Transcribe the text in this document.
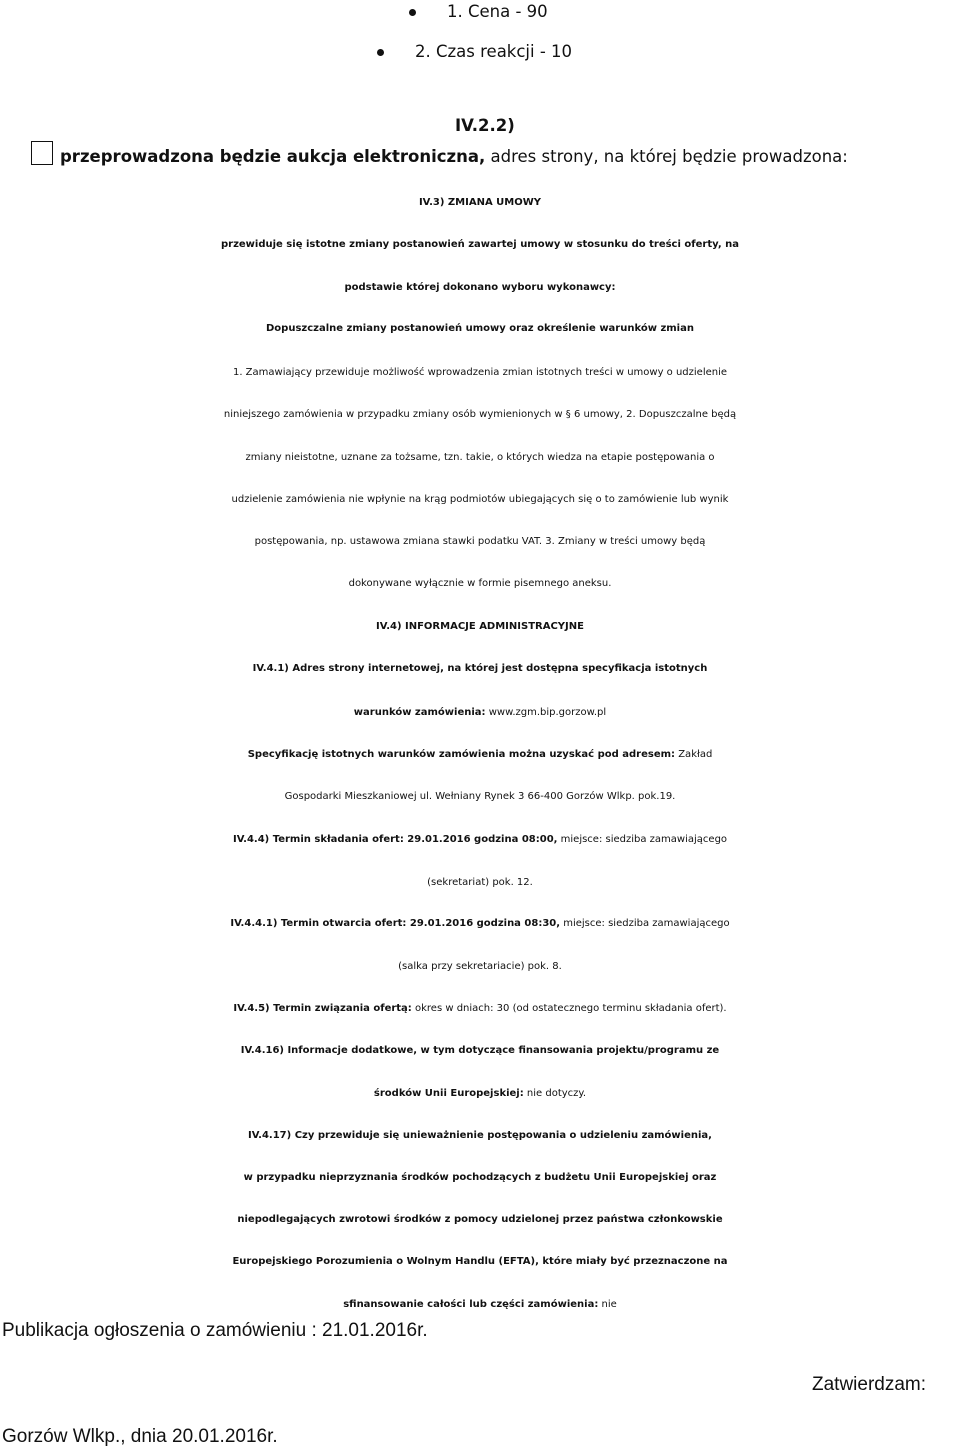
1. Cena - 90
2. Czas reakcji - 10
IV.2.2)
przeprowadzona będzie aukcja elektroniczna, adres strony, na której będzie prowadzona:
IV.3) ZMIANA UMOWY
przewiduje się istotne zmiany postanowień zawartej umowy w stosunku do treści oferty, na
podstawie której dokonano wyboru wykonawcy:
Dopuszczalne zmiany postanowień umowy oraz określenie warunków zmian
1. Zamawiający przewiduje możliwość wprowadzenia zmian istotnych treści w umowy o udzielenie
niniejszego zamówienia w przypadku zmiany osób wymienionych w § 6 umowy, 2. Dopuszczalne będą
zmiany nieistotne, uznane za tożsame, tzn. takie, o których wiedza na etapie postępowania o
udzielenie zamówienia nie wpłynie na krąg podmiotów ubiegających się o to zamówienie lub wynik
postępowania, np. ustawowa zmiana stawki podatku VAT. 3. Zmiany w treści umowy będą
dokonywane wyłącznie w formie pisemnego aneksu.
IV.4) INFORMACJE ADMINISTRACYJNE
IV.4.1) Adres strony internetowej, na której jest dostępna specyfikacja istotnych
warunków zamówienia: www.zgm.bip.gorzow.pl
Specyfikację istotnych warunków zamówienia można uzyskać pod adresem: Zakład
Gospodarki Mieszkaniowej ul. Wełniany Rynek 3 66-400 Gorzów Wlkp. pok.19.
IV.4.4) Termin składania ofert: 29.01.2016 godzina 08:00, miejsce: siedziba zamawiającego
(sekretariat) pok. 12.
IV.4.4.1) Termin otwarcia ofert: 29.01.2016 godzina 08:30, miejsce: siedziba zamawiającego
(salka przy sekretariacie) pok. 8.
IV.4.5) Termin związania ofertą: okres w dniach: 30 (od ostatecznego terminu składania ofert).
IV.4.16) Informacje dodatkowe, w tym dotyczące finansowania projektu/programu ze
środków Unii Europejskiej: nie dotyczy.
IV.4.17) Czy przewiduje się unieważnienie postępowania o udzieleniu zamówienia,
w przypadku nieprzyznania środków pochodzących z budżetu Unii Europejskiej oraz
niepodlegających zwrotowi środków z pomocy udzielonej przez państwa członkowskie
Europejskiego Porozumienia o Wolnym Handlu (EFTA), które miały być przeznaczone na
sfinansowanie całości lub części zamówienia: nie
Publikacja ogłoszenia o zamówieniu : 21.01.2016r.
Zatwierdzam:
Gorzów Wlkp., dnia 20.01.2016r.
